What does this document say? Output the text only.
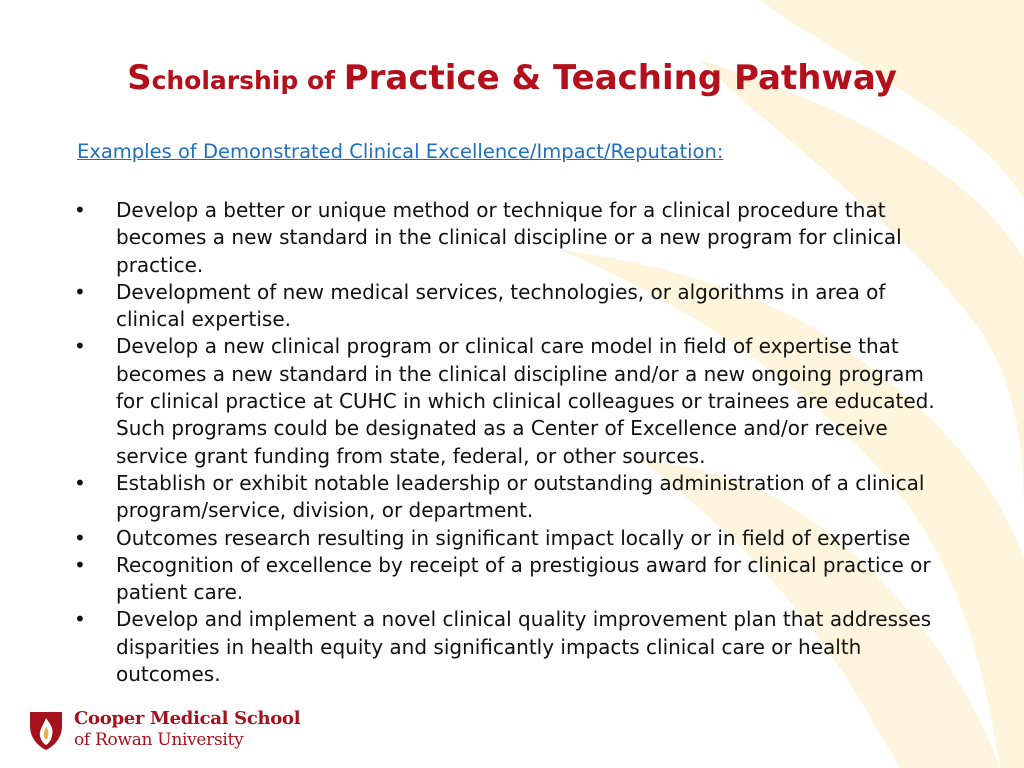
Scholarship of Practice & Teaching Pathway
Examples of Demonstrated Clinical Excellence/Impact/Reputation:
• Develop a better or unique method or technique for a clinical procedure that becomes a new standard in the clinical discipline or a new program for clinical practice.
• Development of new medical services, technologies, or algorithms in area of clinical expertise.
• Develop a new clinical program or clinical care model in field of expertise that becomes a new standard in the clinical discipline and/or a new ongoing program for clinical practice at CUHC in which clinical colleagues or trainees are educated. Such programs could be designated as a Center of Excellence and/or receive service grant funding from state, federal, or other sources.
• Establish or exhibit notable leadership or outstanding administration of a clinical program/service, division, or department.
• Outcomes research resulting in significant impact locally or in field of expertise
• Recognition of excellence by receipt of a prestigious award for clinical practice or patient care.
• Develop and implement a novel clinical quality improvement plan that addresses disparities in health equity and significantly impacts clinical care or health outcomes.
Cooper Medical School
of Rowan University
